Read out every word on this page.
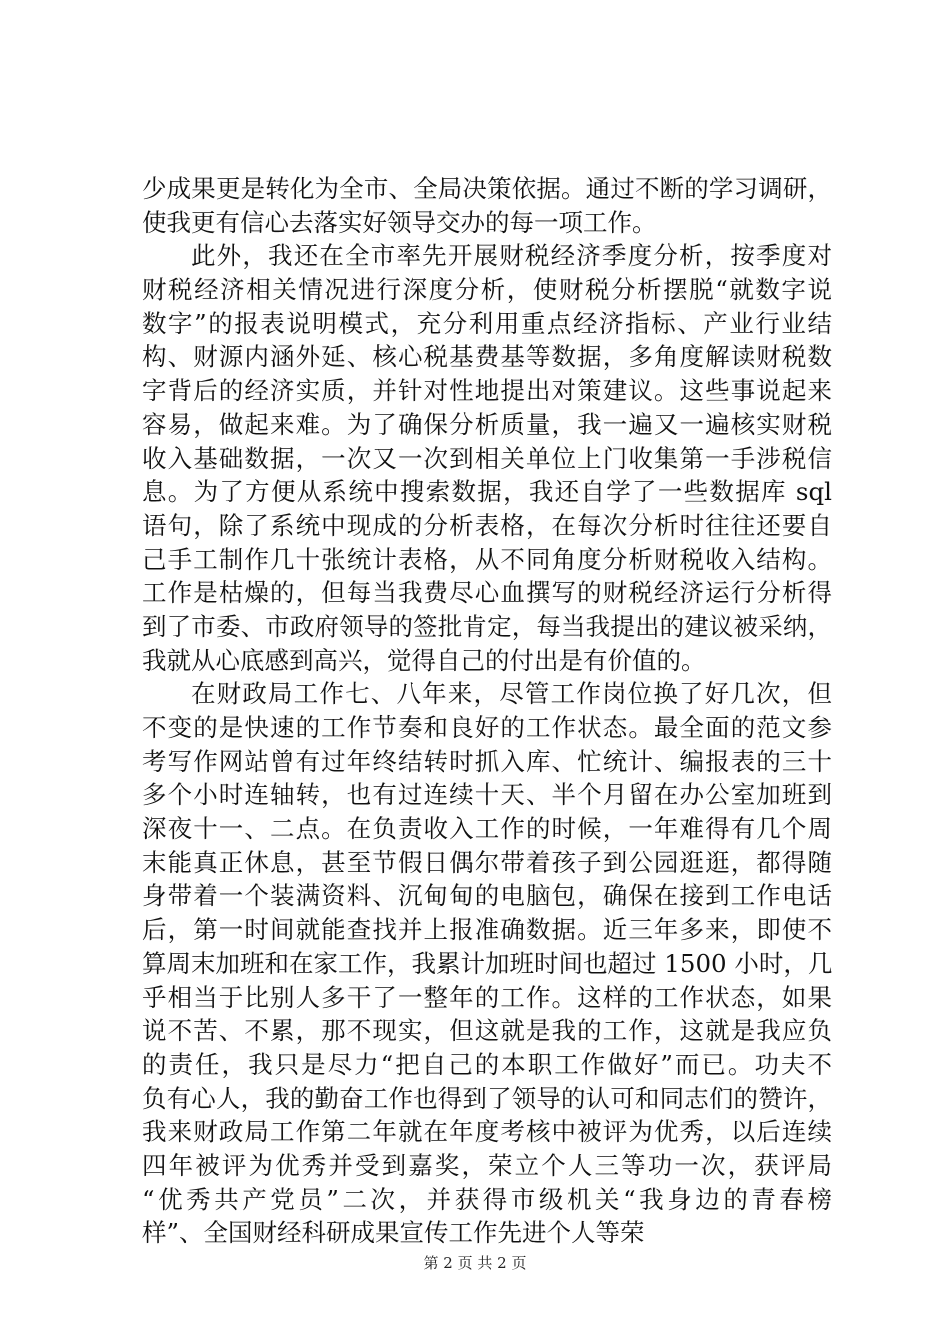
少成果更是转化为全市、全局决策依据。通过不断的学习调研，
使我更有信心去落实好领导交办的每一项工作。
此外，我还在全市率先开展财税经济季度分析，按季度对
财税经济相关情况进行深度分析，使财税分析摆脱“就数字说
数字”的报表说明模式，充分利用重点经济指标、产业行业结
构、财源内涵外延、核心税基费基等数据，多角度解读财税数
字背后的经济实质，并针对性地提出对策建议。这些事说起来
容易，做起来难。为了确保分析质量，我一遍又一遍核实财税
收入基础数据，一次又一次到相关单位上门收集第一手涉税信
息。为了方便从系统中搜索数据，我还自学了一些数据库 sql
语句，除了系统中现成的分析表格，在每次分析时往往还要自
己手工制作几十张统计表格，从不同角度分析财税收入结构。
工作是枯燥的，但每当我费尽心血撰写的财税经济运行分析得
到了市委、市政府领导的签批肯定，每当我提出的建议被采纳，
我就从心底感到高兴，觉得自己的付出是有价值的。
在财政局工作七、八年来，尽管工作岗位换了好几次，但
不变的是快速的工作节奏和良好的工作状态。最全面的范文参
考写作网站曾有过年终结转时抓入库、忙统计、编报表的三十
多个小时连轴转，也有过连续十天、半个月留在办公室加班到
深夜十一、二点。在负责收入工作的时候，一年难得有几个周
末能真正休息，甚至节假日偶尔带着孩子到公园逛逛，都得随
身带着一个装满资料、沉甸甸的电脑包，确保在接到工作电话
后，第一时间就能查找并上报准确数据。近三年多来，即使不
算周末加班和在家工作，我累计加班时间也超过 1500 小时，几
乎相当于比别人多干了一整年的工作。这样的工作状态，如果
说不苦、不累，那不现实，但这就是我的工作，这就是我应负
的责任，我只是尽力“把自己的本职工作做好”而已。功夫不
负有心人，我的勤奋工作也得到了领导的认可和同志们的赞许，
我来财政局工作第二年就在年度考核中被评为优秀，以后连续
四年被评为优秀并受到嘉奖，荣立个人三等功一次，获评局
“优秀共产党员”二次，并获得市级机关“我身边的青春榜
样”、全国财经科研成果宣传工作先进个人等荣
第 2 页 共 2 页
